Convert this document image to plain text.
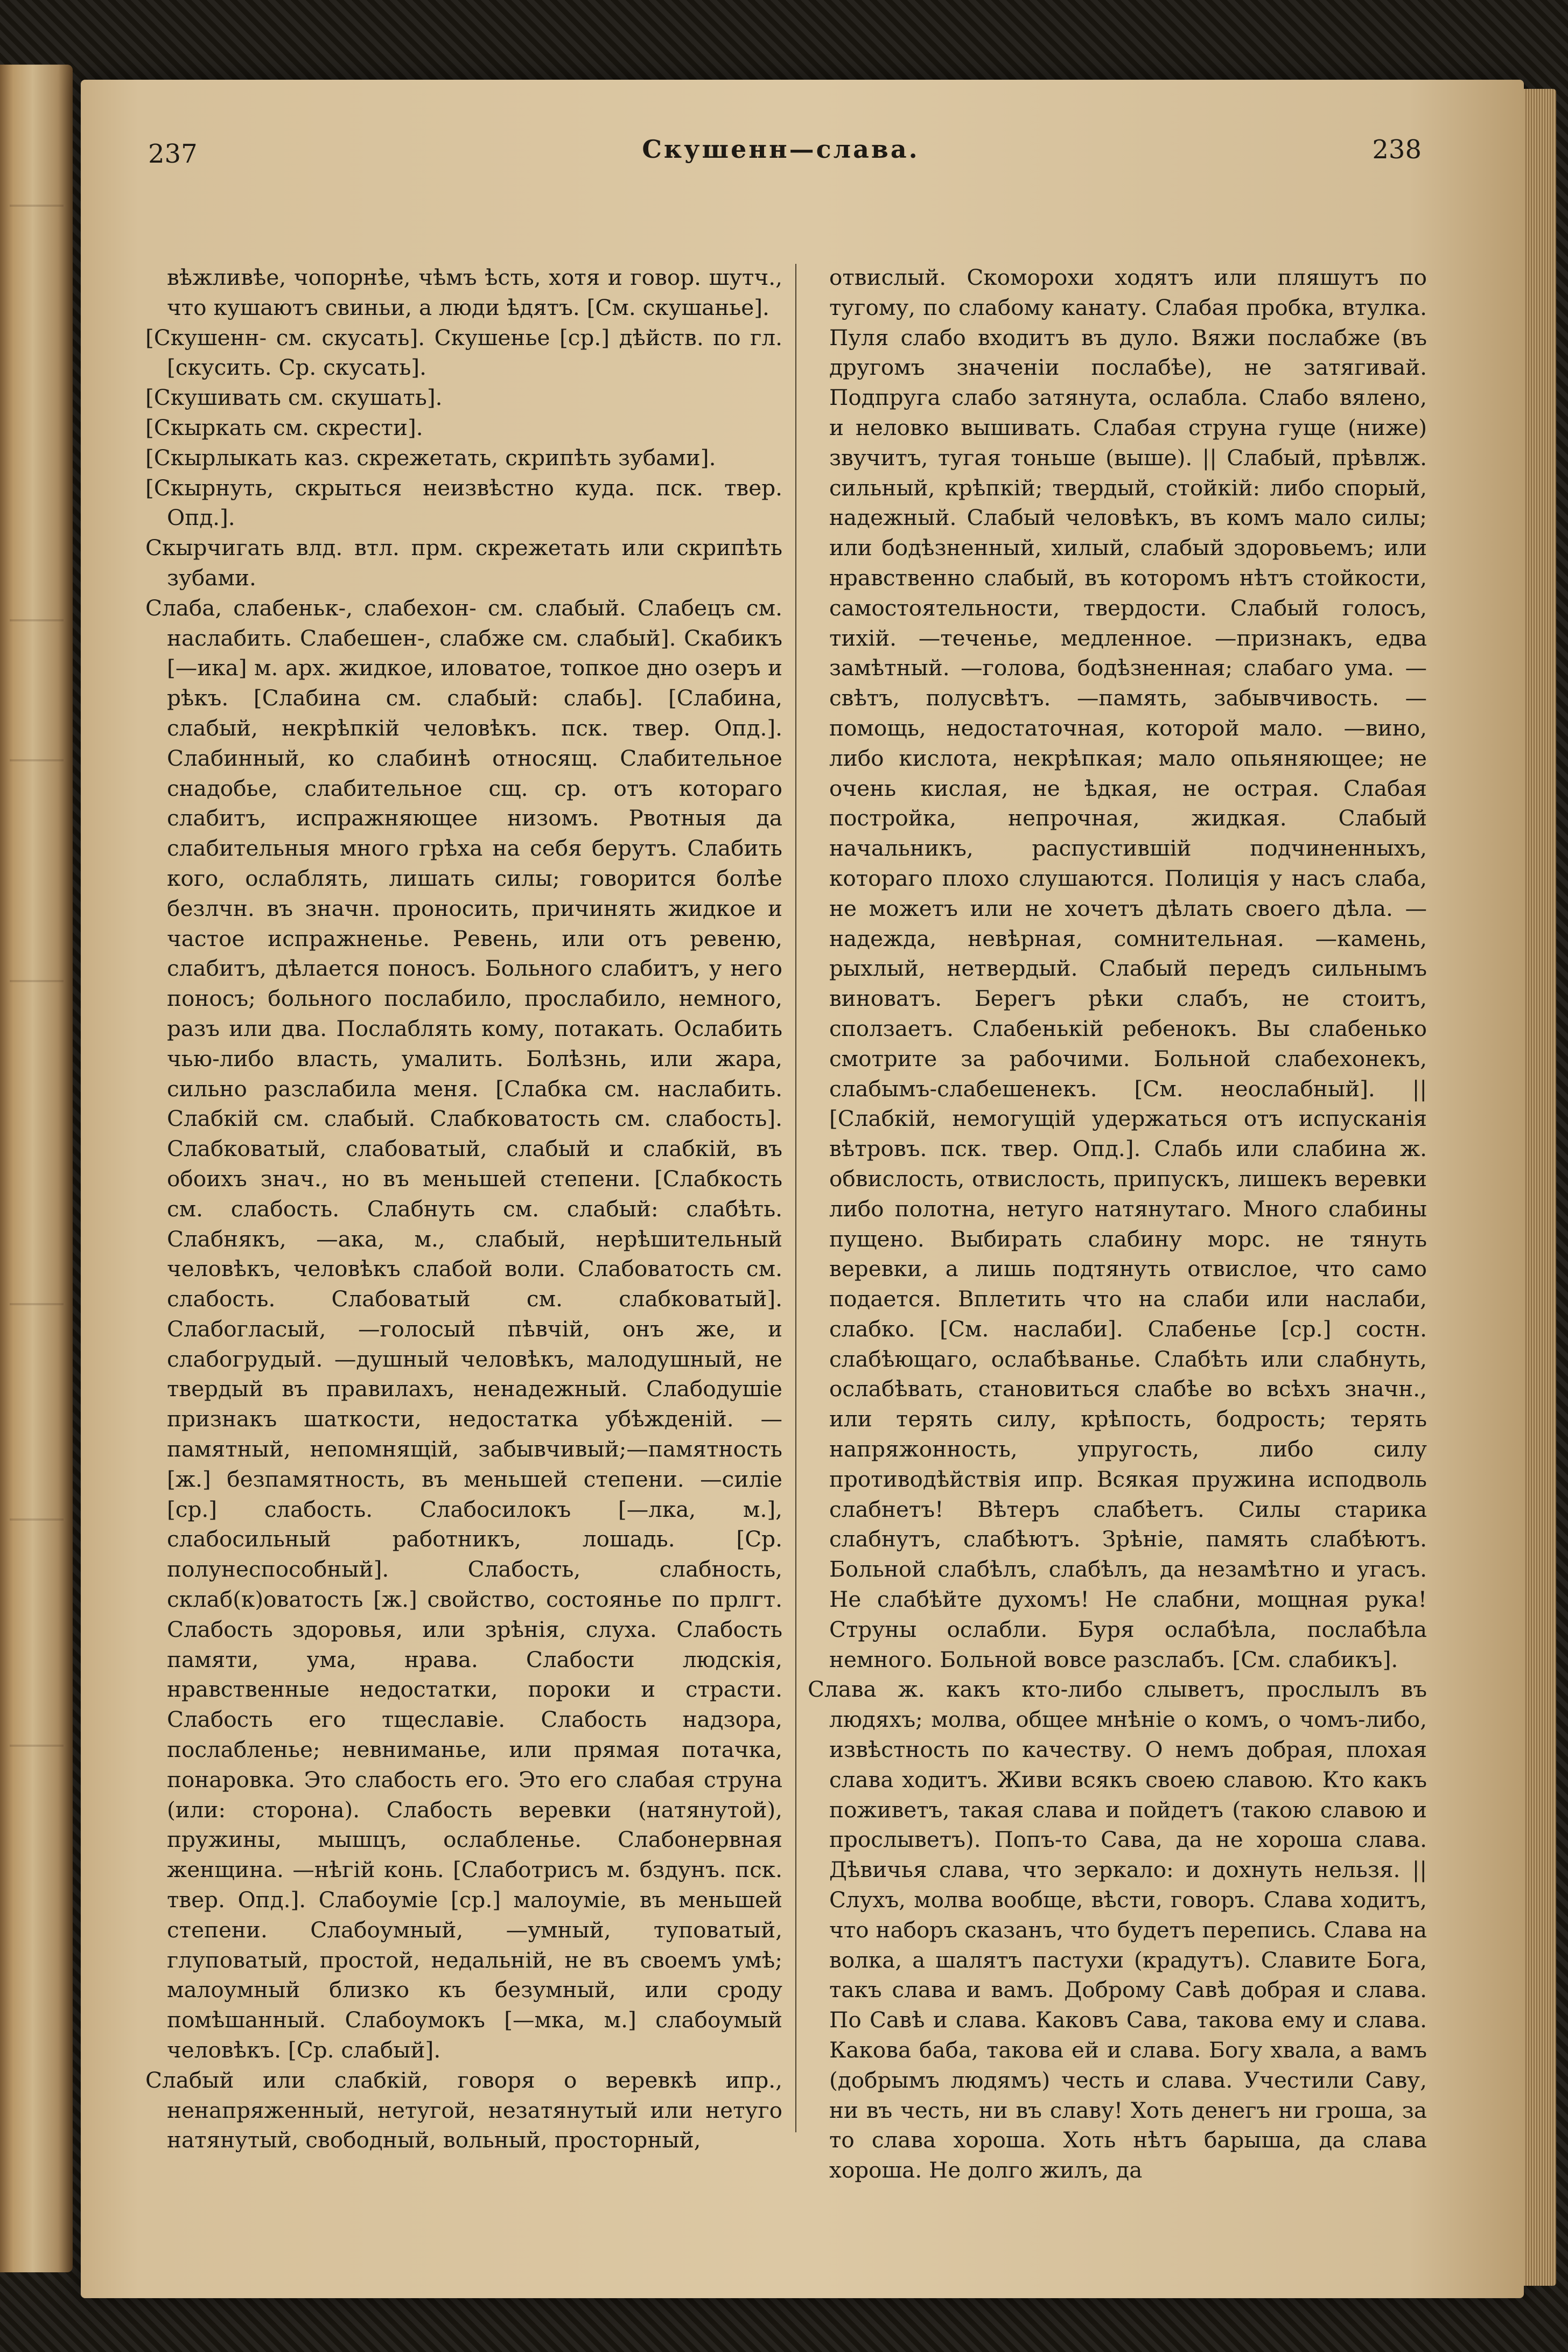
237	Скушенн—слава.	238

вѣжливѣе, чопорнѣе, чѣмъ ѣсть, хотя и говор. шутч., что кушаютъ свиньи, а люди ѣдятъ. [См. скушанье].

[Скушенн- см. скусать]. Скушенье [ср.] дѣйств. по гл. [скусить. Ср. скусать].

[Скушивать см. скушать].

[Скыркать см. скрести].

[Скырлыкать каз. скрежетать, скрипѣть зубами].

[Скырнуть, скрыться неизвѣстно куда. пск. твер. Опд.].

Скырчигать влд. втл. прм. скрежетать или скрипѣть зубами.

Слаба, слабеньк-, слабехон- см. слабый. Слабецъ см. наслабить. Слабешен-, слабже см. слабый]. Скабикъ [—ика] м. арх. жидкое, иловатое, топкое дно озеръ и рѣкъ. [Слабина см. слабый: слабь]. [Слабина, слабый, некрѣпкій человѣкъ. пск. твер. Опд.]. Слабинный, ко слабинѣ относящ. Слабительное снадобье, слабительное сщ. ср. отъ котораго слабитъ, испражняющее низомъ. Рвотныя да слабительныя много грѣха на себя берутъ. Слабить кого, ослаблять, лишать силы; говорится болѣе безлчн. въ значн. проносить, причинять жидкое и частое испражненье. Ревень, или отъ ревеню, слабитъ, дѣлается поносъ. Больного слабитъ, у него поносъ; больного послабило, прослабило, немного, разъ или два. Пoслаблять кому, потакать. Ослабить чью-либо власть, умалить. Болѣзнь, или жара, сильно разслабила меня. [Слабка см. наслабить. Слабкій см. слабый. Слабковатость см. слабость]. Слабковатый, слабоватый, слабый и слабкій, въ обоихъ знач., но въ меньшей степени. [Слабкость см. слабость. Слабнуть см. слабый: слабѣть. Слабнякъ, —ака, м., слабый, нерѣшительный человѣкъ, человѣкъ слабой воли. Слабоватость см. слабость. Слабоватый см. слабковатый]. Слабогласый, —голосый пѣвчій, онъ же, и слабогрудый. —душный человѣкъ, малодушный, не твердый въ правилахъ, ненадежный. Слабодушіе признакъ шаткости, недостатка убѣжденій. —памятный, непомнящій, забывчивый;—памятность [ж.] безпамятность, въ меньшей степени. —силіе [ср.] слабость. Слабосилокъ [—лка, м.], слабосильный работникъ, лошадь. [Ср. полунеспособный]. Слабость, слабность, склаб(к)оватость [ж.] свойство, состоянье по прлгт. Слабость здоровья, или зрѣнія, слуха. Слабость памяти, ума, нрава. Слабости людскія, нравственные недостатки, пороки и страсти. Слабость его тщеславіе. Слабость надзора, послабленье; невниманье, или прямая потачка, понаровка. Это слабость его. Это его слабая струна (или: сторона). Слабость веревки (натянутой), пружины, мышцъ, ослабленье. Слабонервная женщина. —нѣгій конь. [Слаботрисъ м. бздунъ. пск. твер. Опд.]. Слабоуміе [ср.] малоуміе, въ меньшей степени. Слабоумный, —умный, туповатый, глуповатый, простой, недальній, не въ своемъ умѣ; малоумный близко къ безумный, или сроду помѣшанный. Слабоумокъ [—мка, м.] слабоумый человѣкъ. [Ср. слабый].

Слабый или слабкій, говоря о веревкѣ ипр., ненапряженный, нетугой, незатянутый или нетуго натянутый, свободный, вольный, просторный,

отвислый. Скоморохи ходятъ или пляшутъ по тугому, по слабому канату. Слабая пробка, втулка. Пуля слабо входитъ въ дуло. Вяжи послабже (въ другомъ значеніи послабѣе), не затягивай. Подпруга слабо затянута, ослабла. Слабо вялено, и неловко вышивать. Слабая струна гуще (ниже) звучитъ, тугая тоньше (выше). || Слабый, прѣвлж. сильный, крѣпкій; твердый, стойкій: либо спорый, надежный. Слабый человѣкъ, въ комъ мало силы; или бодѣзненный, хилый, слабый здоровьемъ; или нравственно слабый, въ которомъ нѣтъ стойкости, самостоятельности, твердости. Слабый голосъ, тихій. —теченье, медленное. —признакъ, едва замѣтный. —голова, бодѣзненная; слабаго ума. —свѣтъ, полусвѣтъ. —память, забывчивость. —помощь, недостаточная, которой мало. —вино, либо кислота, некрѣпкая; мало опьяняющее; не очень кислая, не ѣдкая, не острая. Слабая постройка, непрочная, жидкая. Слабый начальникъ, распустившій подчиненныхъ, котораго плохо слушаются. Полиція у насъ слаба, не можетъ или не хочетъ дѣлать своего дѣла. —надежда, невѣрная, сомнительная. —камень, рыхлый, нетвердый. Слабый передъ сильнымъ виноватъ. Берегъ рѣки слабъ, не стоитъ, сползаетъ. Слабенькій ребенокъ. Вы слабенько смотрите за рабочими. Больной слабехонекъ, слабымъ-слабешенекъ. [См. неослабный]. ||[Слабкій, немогущій удержаться отъ испусканія вѣтровъ. пск. твер. Опд.]. Слабь или слабина ж. обвислость, отвислость, припускъ, лишекъ веревки либо полотна, нетуго натянутаго. Много слабины пущено. Выбирать слабину морс. не тянуть веревки, а лишь подтянуть отвислое, что само подается. Вплетить что на слаби или наслаби, слабко. [См. наслаби]. Слабенье [ср.] состн. слабѣющаго, ослабѣванье. Слабѣть или слабнуть, ослабѣвать, становиться слабѣе во всѣхъ значн., или терять силу, крѣпость, бодрость; терять напряжонность, упругость, либо силу противодѣйствія ипр. Всякая пружина исподволь слабнетъ! Вѣтеръ слабѣетъ. Силы старика слабнутъ, слабѣютъ. Зрѣніе, память слабѣютъ. Больной слабѣлъ, слабѣлъ, да незамѣтно и угасъ. Не слабѣйте духомъ! Не слабни, мощная рука! Струны ослабли. Буря ослабѣла, послабѣла немного. Больной вовсе разслабъ. [См. слабикъ].

Слава ж. какъ кто-либо слыветъ, прослылъ въ людяхъ; молва, общее мнѣніе о комъ, о чомъ-либо, извѣстность по качеству. О немъ добрая, плохая слава ходитъ. Живи всякъ своею славою. Кто какъ поживетъ, такая слава и пойдетъ (такою славою и прослыветъ). Попъ-то Сава, да не хороша слава. Дѣвичья слава, что зеркало: и дохнуть нельзя. || Слухъ, молва вообще, вѣсти, говоръ. Слава ходитъ, что наборъ сказанъ, что будетъ перепись. Слава на волка, а шалятъ пастухи (крадутъ). Славите Бога, такъ слава и вамъ. Доброму Савѣ добрая и слава. По Савѣ и слава. Каковъ Сава, такова ему и слава. Какова баба, такова ей и слава. Богу хвала, а вамъ (добрымъ людямъ) честь и слава. Учестили Саву, ни въ честь, ни въ славу! Хоть денегъ ни гроша, за то слава хороша. Хоть нѣтъ барыша, да слава хороша. Не долго жилъ, да
